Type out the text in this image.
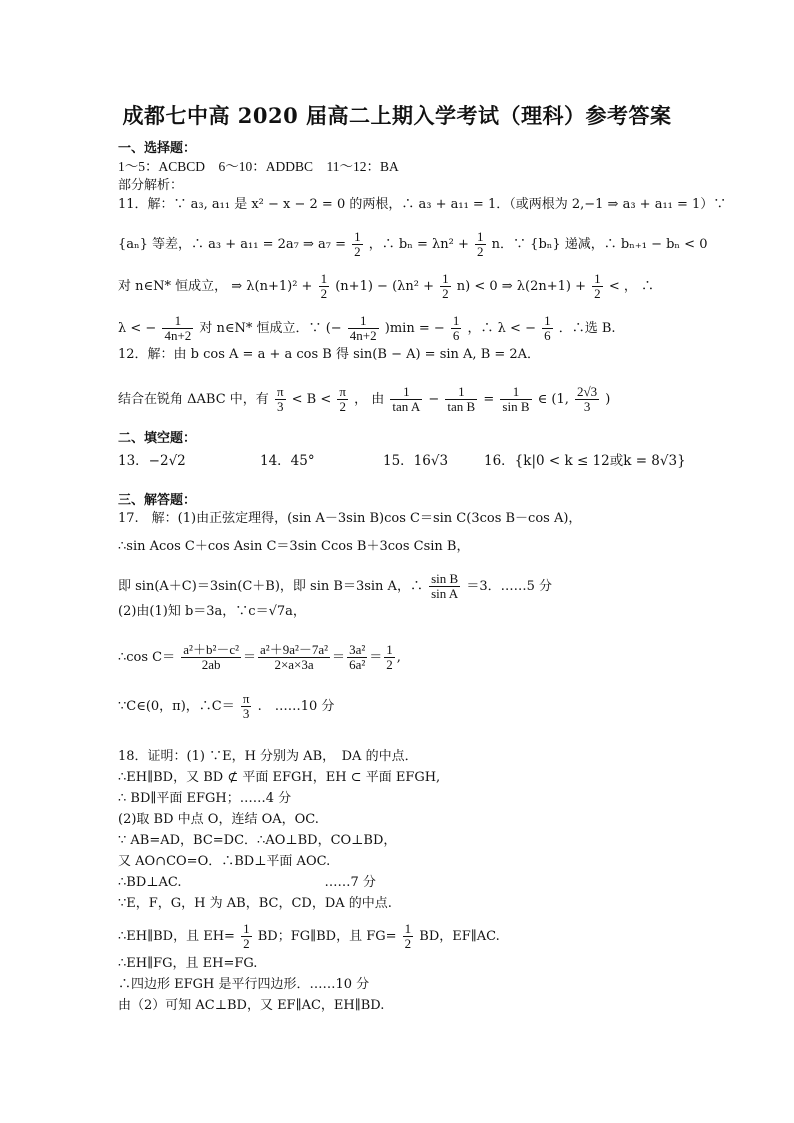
成都七中高 2020 届高二上期入学考试（理科）参考答案
一、选择题：
1～5：ACBCD　6～10：ADDBC　11～12：BA
部分解析：
11．解：∵ a₃, a₁₁ 是 x² − x − 2 = 0 的两根，∴ a₃ + a₁₁ = 1．（或两根为 2,−1 ⇒ a₃ + a₁₁ = 1）∵
{aₙ} 等差，∴ a₃ + a₁₁ = 2a₇ ⇒ $a_7 = \frac{1}{2}$ ，∴ $b_n = \lambda n^2 + \frac{1}{2}$ n．∵ {bₙ} 递减，∴ bₙ₊₁ − bₙ < 0
对 n∈N* 恒成立， ⇒ $\lambda(n+1)^2 + \frac{1}{2} (n+1) - (\lambda n^2 + \frac{1}{2} n) < 0$ ⇒ $\lambda(2n+1) + \frac{1}{2}$ < ， ∴
λ < − $\frac{1}{4n+2}$ 对 n∈N* 恒成立．∵ (− $\frac{1}{4n+2} )\min$ = − $\frac{1}{6}$ ，∴ λ < − $\frac{1}{6}$ ．∴选 B.
12．解：由 b cos A = a + a cos B 得 sin(B − A) = sin A, B = 2A．
结合在锐角 ΔABC 中，有 $\frac{\pi}{3} < B < \frac{\pi}{2}$ ， 由 $\frac{1}{\text{tan A}} - \frac{1}{\text{tan B}} = \frac{1}{\text{sin B}}$ ∈ (1, $\frac{2√3}{3}$ )
二、填空题：
13．−2√2	14．45°	15．16√3	16．{k|0 < k ≤ 12或k = 8√3}
三、解答题：
17.　解：(1)由正弦定理得，(sin A－3sin B)cos C＝sin C(3cos B－cos A)，
∴sin Acos C＋cos Asin C＝3sin Ccos B＋3cos Csin B，
即 sin(A＋C)＝3sin(C＋B)，即 sin B＝3sin A，∴ $\frac{\text{sin B}}{\text{sin A}} =3$．……5 分
(2)由(1)知 b＝3a，∵c＝√7a，
∴cos $C= \frac{\text{a²＋b²－c²}}{2ab} = \frac{\text{a²＋9a²－7a²}}{2\times a\times 3a} = \frac{\text{3a²}}{\text{6a²}} = \frac{1}{2}$ ,
∵C∈(0，π)，∴C＝ $\frac{\pi}{3}$ .　……10 分
18．证明：(1) ∵E，H 分别为 AB，　DA 的中点．
∴EH∥BD，又 BD ⊄ 平面 EFGH，EH ⊂ 平面 EFGH,
∴ BD∥平面 EFGH；……4 分
(2)取 BD 中点 O，连结 OA，OC.
∵ AB=AD，BC=DC．∴AO⊥BD，CO⊥BD，
又 AO∩CO=O．∴BD⊥平面 AOC.
∴BD⊥AC.　　　　　　　　　　　……7 分
∵E，F，G，H 为 AB，BC，CD，DA 的中点.
∴EH∥BD，且 $EH= \frac{1}{2}$ BD；FG∥BD，且 $FG= \frac{1}{2}$ BD，EF∥AC.
∴EH∥FG，且 EH=FG.
∴四边形 EFGH 是平行四边形．……10 分
由（2）可知 AC⊥BD，又 EF∥AC，EH∥BD.
